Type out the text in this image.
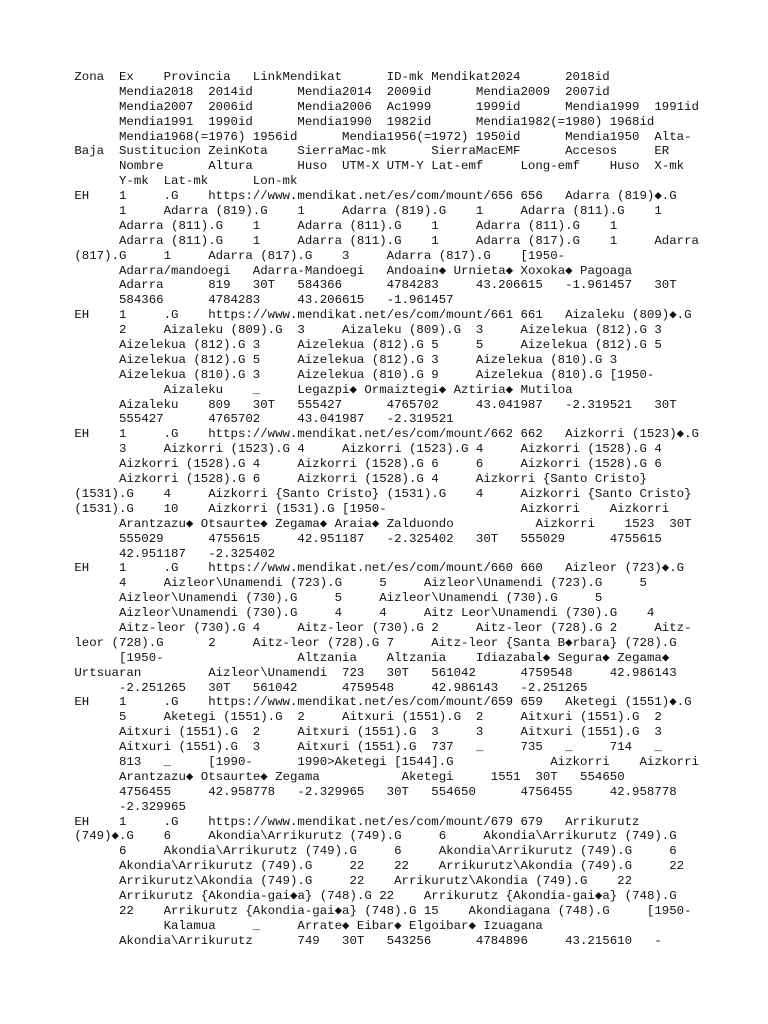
Zona  Ex    Provincia   LinkMendikat      ID-mk Mendikat2024      2018id
Mendia2018  2014id      Mendia2014  2009id      Mendia2009  2007id
Mendia2007  2006id      Mendia2006  Ac1999      1999id      Mendia1999  1991id
Mendia1991  1990id      Mendia1990  1982id      Mendia1982(=1980) 1968id
Mendia1968(=1976) 1956id      Mendia1956(=1972) 1950id      Mendia1950  Alta-
Baja  Sustitucion ZeinKota    SierraMac-mk      SierraMacEMF      Accesos     ER
Nombre      Altura      Huso  UTM-X UTM-Y Lat-emf     Long-emf    Huso  X-mk
Y-mk  Lat-mk      Lon-mk
EH    1     .G    https://www.mendikat.net/es/com/mount/656 656   Adarra (819)◆.G
1     Adarra (819).G    1     Adarra (819).G    1     Adarra (811).G    1
Adarra (811).G    1     Adarra (811).G    1     Adarra (811).G    1
Adarra (811).G    1     Adarra (811).G    1     Adarra (817).G    1     Adarra
(817).G     1     Adarra (817).G    3     Adarra (817).G    [1950-
Adarra/mandoegi   Adarra-Mandoegi   Andoain◆ Urnieta◆ Xoxoka◆ Pagoaga
Adarra      819   30T   584366      4784283     43.206615   -1.961457   30T
584366      4784283     43.206615   -1.961457
EH    1     .G    https://www.mendikat.net/es/com/mount/661 661   Aizaleku (809)◆.G
2     Aizaleku (809).G  3     Aizaleku (809).G  3     Aizelekua (812).G 3
Aizelekua (812).G 3     Aizelekua (812).G 5     5     Aizelekua (812).G 5
Aizelekua (812).G 5     Aizelekua (812).G 3     Aizelekua (810).G 3
Aizelekua (810).G 3     Aizelekua (810).G 9     Aizelekua (810).G [1950-
Aizaleku    _     Legazpi◆ Ormaiztegi◆ Aztiria◆ Mutiloa
Aizaleku    809   30T   555427      4765702     43.041987   -2.319521   30T
555427      4765702     43.041987   -2.319521
EH    1     .G    https://www.mendikat.net/es/com/mount/662 662   Aizkorri (1523)◆.G
3     Aizkorri (1523).G 4     Aizkorri (1523).G 4     Aizkorri (1528).G 4
Aizkorri (1528).G 4     Aizkorri (1528).G 6     6     Aizkorri (1528).G 6
Aizkorri (1528).G 6     Aizkorri (1528).G 4     Aizkorri {Santo Cristo}
(1531).G    4     Aizkorri {Santo Cristo} (1531).G    4     Aizkorri {Santo Cristo}
(1531).G    10    Aizkorri (1531).G [1950-                  Aizkorri    Aizkorri
Arantzazu◆ Otsaurte◆ Zegama◆ Araia◆ Zalduondo           Aizkorri    1523  30T
555029      4755615     42.951187   -2.325402   30T   555029      4755615
42.951187   -2.325402
EH    1     .G    https://www.mendikat.net/es/com/mount/660 660   Aizleor (723)◆.G
4     Aizleor\Unamendi (723).G     5     Aizleor\Unamendi (723).G     5
Aizleor\Unamendi (730).G     5     Aizleor\Unamendi (730).G     5
Aizleor\Unamendi (730).G     4     4     Aitz Leor\Unamendi (730).G    4
Aitz-leor (730).G 4     Aitz-leor (730).G 2     Aitz-leor (728).G 2     Aitz-
leor (728).G      2     Aitz-leor (728).G 7     Aitz-leor {Santa B◆rbara} (728).G
[1950-                  Altzania    Altzania    Idiazabal◆ Segura◆ Zegama◆
Urtsuaran         Aizleor\Unamendi  723   30T   561042      4759548     42.986143
-2.251265   30T   561042      4759548     42.986143   -2.251265
EH    1     .G    https://www.mendikat.net/es/com/mount/659 659   Aketegi (1551)◆.G
5     Aketegi (1551).G  2     Aitxuri (1551).G  2     Aitxuri (1551).G  2
Aitxuri (1551).G  2     Aitxuri (1551).G  3     3     Aitxuri (1551).G  3
Aitxuri (1551).G  3     Aitxuri (1551).G  737   _     735   _     714   _
813   _     [1990-      1990>Aketegi [1544].G             Aizkorri    Aizkorri
Arantzazu◆ Otsaurte◆ Zegama           Aketegi     1551  30T   554650
4756455     42.958778   -2.329965   30T   554650      4756455     42.958778
-2.329965
EH    1     .G    https://www.mendikat.net/es/com/mount/679 679   Arrikurutz
(749)◆.G    6     Akondia\Arrikurutz (749).G     6     Akondia\Arrikurutz (749).G
6     Akondia\Arrikurutz (749).G     6     Akondia\Arrikurutz (749).G     6
Akondia\Arrikurutz (749).G     22    22    Arrikurutz\Akondia (749).G     22
Arrikurutz\Akondia (749).G     22    Arrikurutz\Akondia (749).G    22
Arrikurutz {Akondia-gai◆a} (748).G 22    Arrikurutz {Akondia-gai◆a} (748).G
22    Arrikurutz {Akondia-gai◆a} (748).G 15    Akondiagana (748).G     [1950-
Kalamua     _     Arrate◆ Eibar◆ Elgoibar◆ Izuagana
Akondia\Arrikurutz      749   30T   543256      4784896     43.215610   -
